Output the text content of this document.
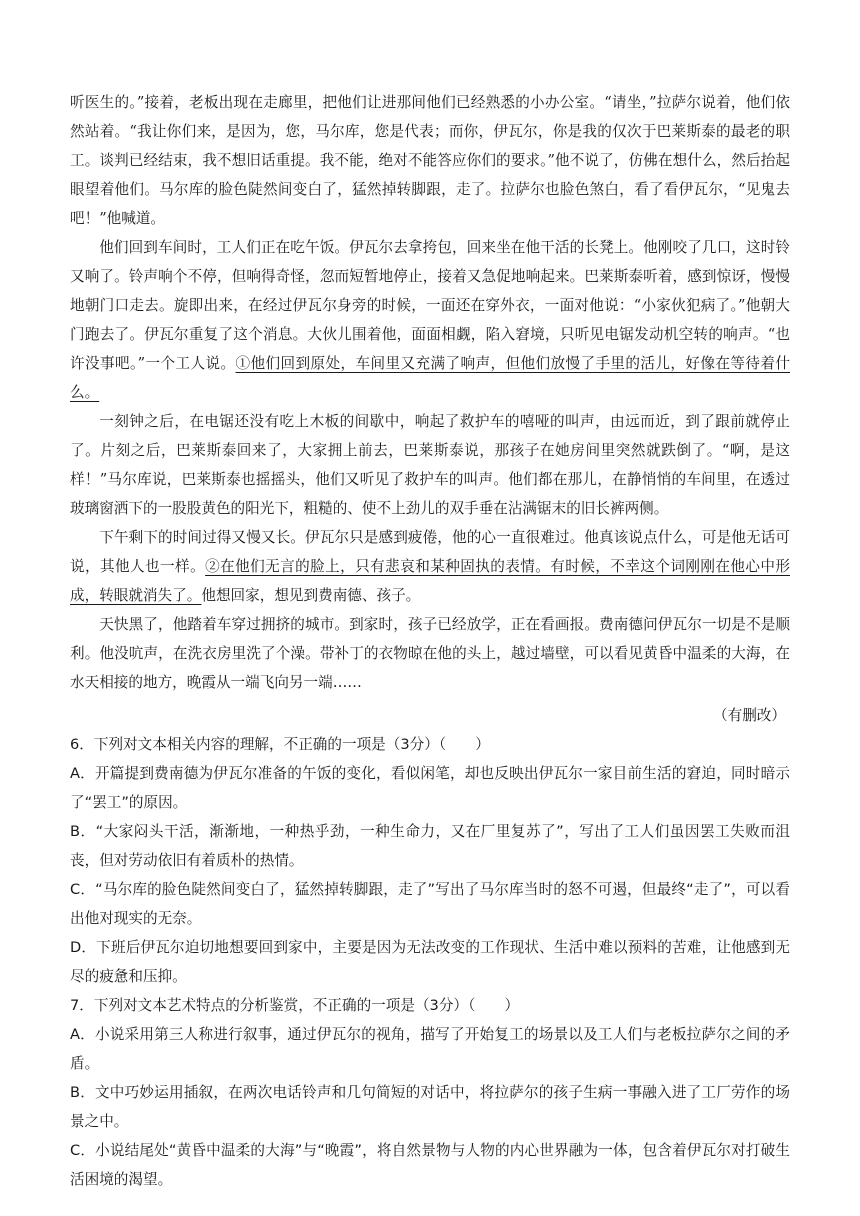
听医生的。”接着，老板出现在走廊里，把他们让进那间他们已经熟悉的小办公室。“请坐，”拉萨尔说着，他们依然站着。“我让你们来，是因为，您，马尔库，您是代表；而你，伊瓦尔，你是我的仅次于巴莱斯泰的最老的职工。谈判已经结束，我不想旧话重提。我不能，绝对不能答应你们的要求。”他不说了，仿佛在想什么，然后抬起眼望着他们。马尔库的脸色陡然间变白了，猛然掉转脚跟，走了。拉萨尔也脸色煞白，看了看伊瓦尔，“见鬼去吧！”他喊道。

他们回到车间时，工人们正在吃午饭。伊瓦尔去拿挎包，回来坐在他干活的长凳上。他刚咬了几口，这时铃又响了。铃声响个不停，但响得奇怪，忽而短暂地停止，接着又急促地响起来。巴莱斯泰听着，感到惊讶，慢慢地朝门口走去。旋即出来，在经过伊瓦尔身旁的时候，一面还在穿外衣，一面对他说：“小家伙犯病了。”他朝大门跑去了。伊瓦尔重复了这个消息。大伙儿围着他，面面相觑，陷入窘境，只听见电锯发动机空转的响声。“也许没事吧。”一个工人说。①他们回到原处，车间里又充满了响声，但他们放慢了手里的活儿，好像在等待着什么。

一刻钟之后，在电锯还没有吃上木板的间歇中，响起了救护车的嘻哑的叫声，由远而近，到了跟前就停止了。片刻之后，巴莱斯泰回来了，大家拥上前去，巴莱斯泰说，那孩子在她房间里突然就跌倒了。“啊，是这样！”马尔库说，巴莱斯泰也摇摇头，他们又听见了救护车的叫声。他们都在那儿，在静悄悄的车间里，在透过玻璃窗洒下的一股股黄色的阳光下，粗糙的、使不上劲儿的双手垂在沾满锯末的旧长裤两侧。

下午剩下的时间过得又慢又长。伊瓦尔只是感到疲倦，他的心一直很难过。他真该说点什么，可是他无话可说，其他人也一样。②在他们无言的脸上，只有悲哀和某种固执的表情。有时候，不幸这个词刚刚在他心中形成，转眼就消失了。他想回家，想见到费南德、孩子。

天快黑了，他踏着车穿过拥挤的城市。到家时，孩子已经放学，正在看画报。费南德问伊瓦尔一切是不是顺利。他没吭声，在洗衣房里洗了个澡。带补丁的衣物晾在他的头上，越过墙壁，可以看见黄昏中温柔的大海，在水天相接的地方，晚霞从一端飞向另一端……

（有删改）

6．下列对文本相关内容的理解，不正确的一项是（3分）（　　）

A．开篇提到费南德为伊瓦尔准备的午饭的变化，看似闲笔，却也反映出伊瓦尔一家目前生活的窘迫，同时暗示了“罢工”的原因。

B．“大家闷头干活，渐渐地，一种热乎劲，一种生命力，又在厂里复苏了”，写出了工人们虽因罢工失败而沮丧，但对劳动依旧有着质朴的热情。

C．“马尔库的脸色陡然间变白了，猛然掉转脚跟，走了”写出了马尔库当时的怒不可遏，但最终“走了”，可以看出他对现实的无奈。

D．下班后伊瓦尔迫切地想要回到家中，主要是因为无法改变的工作现状、生活中难以预料的苦难，让他感到无尽的疲惫和压抑。

7．下列对文本艺术特点的分析鉴赏，不正确的一项是（3分）（　　）

A．小说采用第三人称进行叙事，通过伊瓦尔的视角，描写了开始复工的场景以及工人们与老板拉萨尔之间的矛盾。

B．文中巧妙运用插叙，在两次电话铃声和几句简短的对话中，将拉萨尔的孩子生病一事融入进了工厂劳作的场景之中。

C．小说结尾处“黄昏中温柔的大海”与“晚霞”，将自然景物与人物的内心世界融为一体，包含着伊瓦尔对打破生活困境的渴望。
